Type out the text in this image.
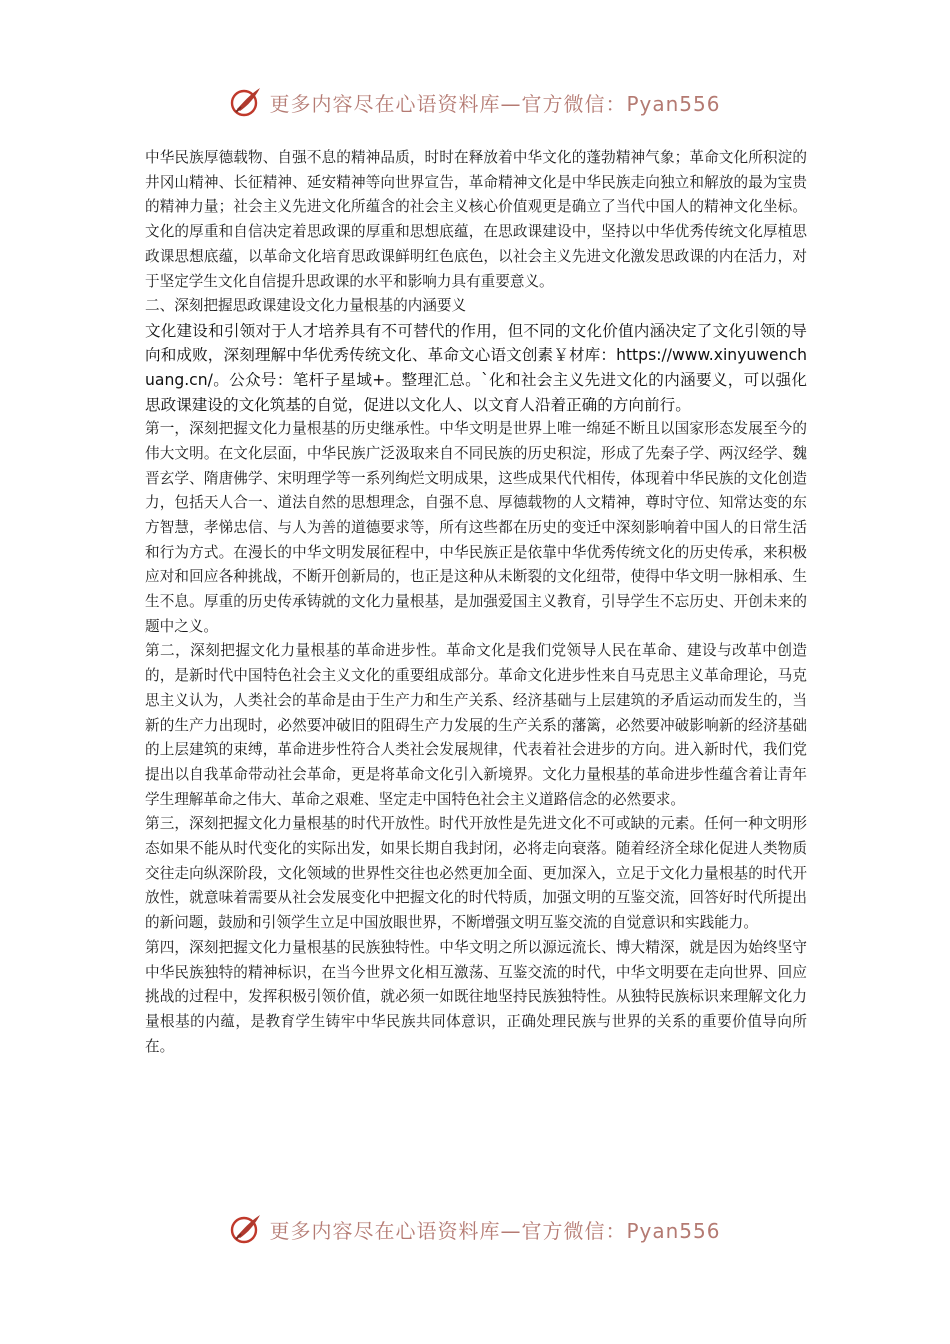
更多内容尽在心语资料库—官方微信：Pyan556

中华民族厚德载物、自强不息的精神品质，时时在释放着中华文化的蓬勃精神气象；革命文化所积淀的井冈山精神、长征精神、延安精神等向世界宣告，革命精神文化是中华民族走向独立和解放的最为宝贵的精神力量；社会主义先进文化所蕴含的社会主义核心价值观更是确立了当代中国人的精神文化坐标。文化的厚重和自信决定着思政课的厚重和思想底蕴，在思政课建设中，坚持以中华优秀传统文化厚植思政课思想底蕴，以革命文化培育思政课鲜明红色底色，以社会主义先进文化激发思政课的内在活力，对于坚定学生文化自信提升思政课的水平和影响力具有重要意义。

二、深刻把握思政课建设文化力量根基的内涵要义

文化建设和引领对于人才培养具有不可替代的作用，但不同的文化价值内涵决定了文化引领的导向和成败，深刻理解中华优秀传统文化、革命文心语文创素￥材库：https://www.xinyuwenchuang.cn/。公众号：笔杆子星域+。整理汇总。`化和社会主义先进文化的内涵要义，可以强化思政课建设的文化筑基的自觉，促进以文化人、以文育人沿着正确的方向前行。

第一，深刻把握文化力量根基的历史继承性。中华文明是世界上唯一绵延不断且以国家形态发展至今的伟大文明。在文化层面，中华民族广泛汲取来自不同民族的历史积淀，形成了先秦子学、两汉经学、魏晋玄学、隋唐佛学、宋明理学等一系列绚烂文明成果，这些成果代代相传，体现着中华民族的文化创造力，包括天人合一、道法自然的思想理念，自强不息、厚德载物的人文精神，尊时守位、知常达变的东方智慧，孝悌忠信、与人为善的道德要求等，所有这些都在历史的变迁中深刻影响着中国人的日常生活和行为方式。在漫长的中华文明发展征程中，中华民族正是依靠中华优秀传统文化的历史传承，来积极应对和回应各种挑战，不断开创新局的，也正是这种从未断裂的文化纽带，使得中华文明一脉相承、生生不息。厚重的历史传承铸就的文化力量根基，是加强爱国主义教育，引导学生不忘历史、开创未来的题中之义。

第二，深刻把握文化力量根基的革命进步性。革命文化是我们党领导人民在革命、建设与改革中创造的，是新时代中国特色社会主义文化的重要组成部分。革命文化进步性来自马克思主义革命理论，马克思主义认为，人类社会的革命是由于生产力和生产关系、经济基础与上层建筑的矛盾运动而发生的，当新的生产力出现时，必然要冲破旧的阻碍生产力发展的生产关系的藩篱，必然要冲破影响新的经济基础的上层建筑的束缚，革命进步性符合人类社会发展规律，代表着社会进步的方向。进入新时代，我们党提出以自我革命带动社会革命，更是将革命文化引入新境界。文化力量根基的革命进步性蕴含着让青年学生理解革命之伟大、革命之艰难、坚定走中国特色社会主义道路信念的必然要求。

第三，深刻把握文化力量根基的时代开放性。时代开放性是先进文化不可或缺的元素。任何一种文明形态如果不能从时代变化的实际出发，如果长期自我封闭，必将走向衰落。随着经济全球化促进人类物质交往走向纵深阶段，文化领域的世界性交往也必然更加全面、更加深入，立足于文化力量根基的时代开放性，就意味着需要从社会发展变化中把握文化的时代特质，加强文明的互鉴交流，回答好时代所提出的新问题，鼓励和引领学生立足中国放眼世界，不断增强文明互鉴交流的自觉意识和实践能力。

第四，深刻把握文化力量根基的民族独特性。中华文明之所以源远流长、博大精深，就是因为始终坚守中华民族独特的精神标识，在当今世界文化相互激荡、互鉴交流的时代，中华文明要在走向世界、回应挑战的过程中，发挥积极引领价值，就必须一如既往地坚持民族独特性。从独特民族标识来理解文化力量根基的内蕴，是教育学生铸牢中华民族共同体意识，正确处理民族与世界的关系的重要价值导向所在。

更多内容尽在心语资料库—官方微信：Pyan556
